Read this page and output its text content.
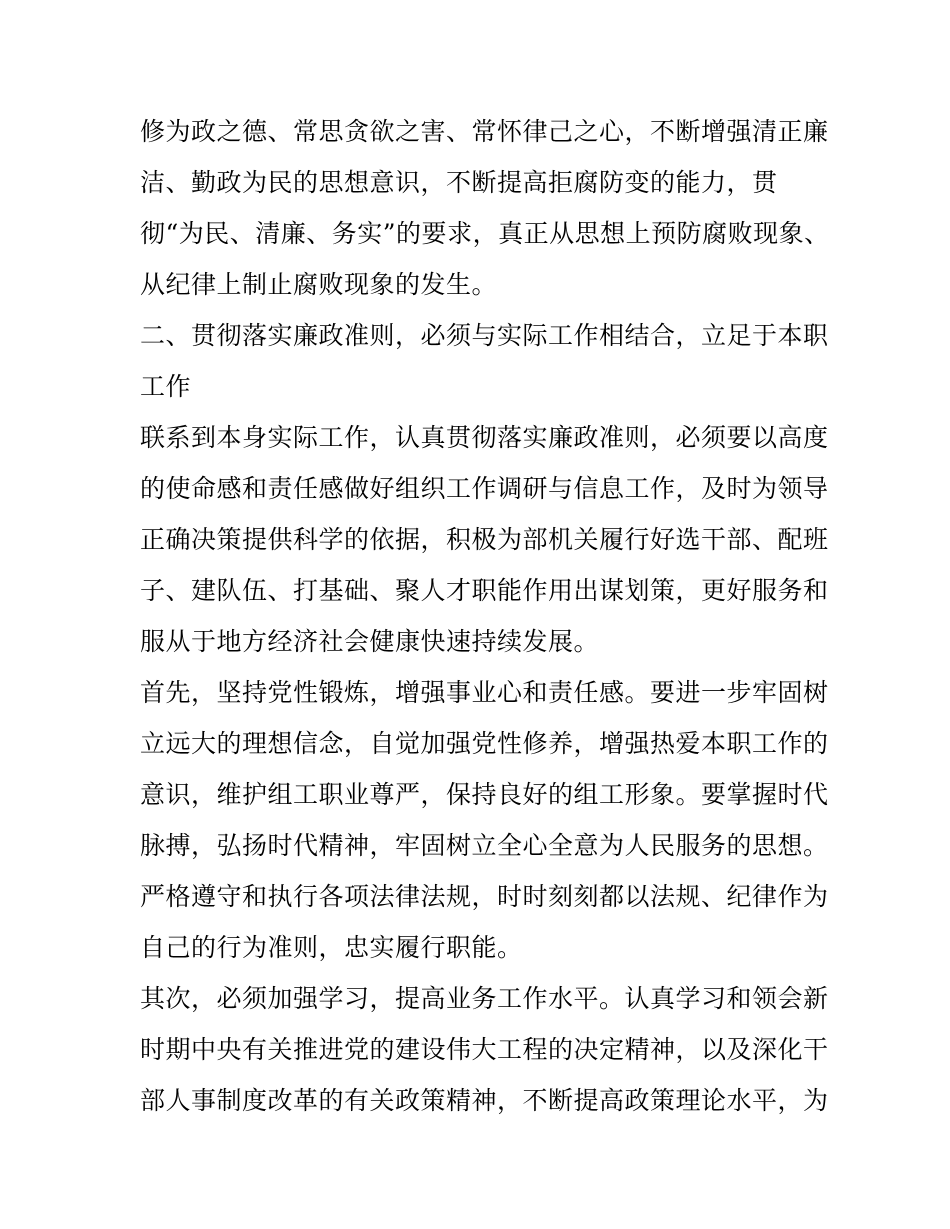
修为政之德、常思贪欲之害、常怀律己之心，不断增强清正廉
洁、勤政为民的思想意识，不断提高拒腐防变的能力，贯
彻“为民、清廉、务实”的要求，真正从思想上预防腐败现象、
从纪律上制止腐败现象的发生。
二、贯彻落实廉政准则，必须与实际工作相结合，立足于本职
工作
联系到本身实际工作，认真贯彻落实廉政准则，必须要以高度
的使命感和责任感做好组织工作调研与信息工作，及时为领导
正确决策提供科学的依据，积极为部机关履行好选干部、配班
子、建队伍、打基础、聚人才职能作用出谋划策，更好服务和
服从于地方经济社会健康快速持续发展。
首先，坚持党性锻炼，增强事业心和责任感。要进一步牢固树
立远大的理想信念，自觉加强党性修养，增强热爱本职工作的
意识，维护组工职业尊严，保持良好的组工形象。要掌握时代
脉搏，弘扬时代精神，牢固树立全心全意为人民服务的思想。
严格遵守和执行各项法律法规，时时刻刻都以法规、纪律作为
自己的行为准则，忠实履行职能。
其次，必须加强学习，提高业务工作水平。认真学习和领会新
时期中央有关推进党的建设伟大工程的决定精神，以及深化干
部人事制度改革的有关政策精神，不断提高政策理论水平，为
